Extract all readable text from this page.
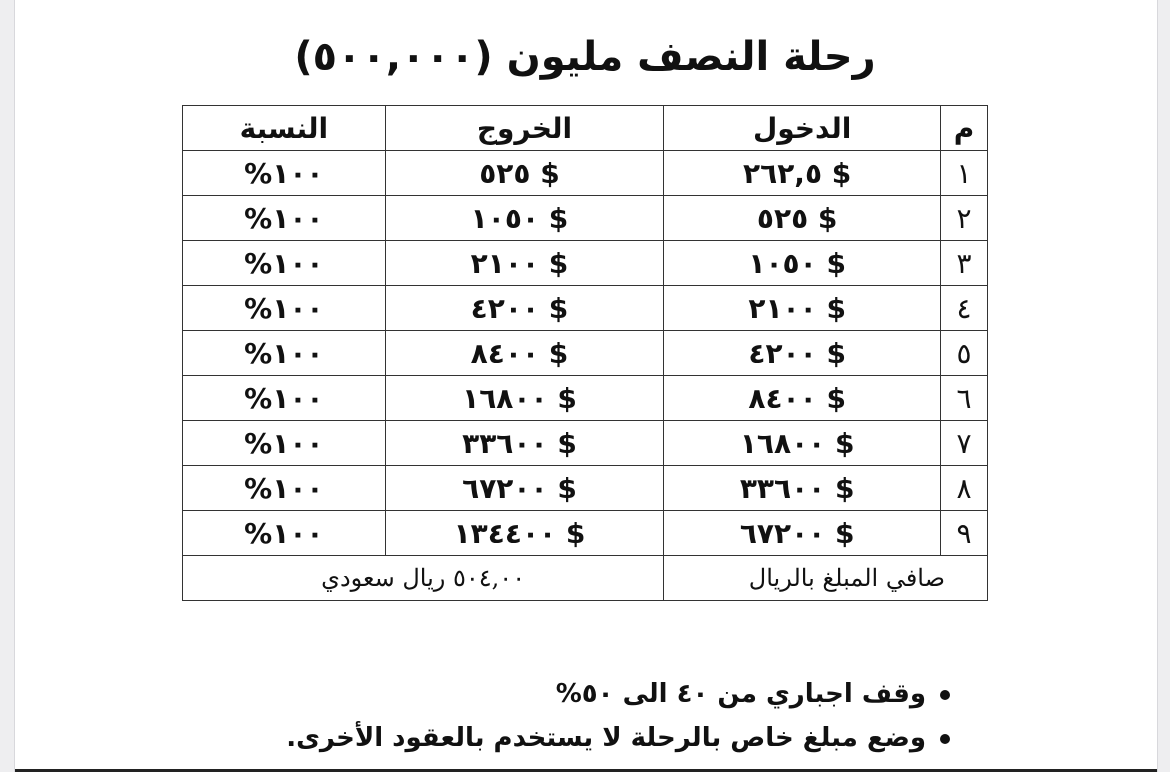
رحلة النصف مليون (٥٠٠,٠٠٠)
م	الدخول	الخروج	النسبة
١	٢٦٢,٥ $	٥٢٥ $	%١٠٠
٢	٥٢٥ $	١٠٥٠ $	%١٠٠
٣	١٠٥٠ $	٢١٠٠ $	%١٠٠
٤	٢١٠٠ $	٤٢٠٠ $	%١٠٠
٥	٤٢٠٠ $	٨٤٠٠ $	%١٠٠
٦	٨٤٠٠ $	١٦٨٠٠ $	%١٠٠
٧	١٦٨٠٠ $	٣٣٦٠٠ $	%١٠٠
٨	٣٣٦٠٠ $	٦٧٢٠٠ $	%١٠٠
٩	٦٧٢٠٠ $	١٣٤٤٠٠ $	%١٠٠
صافي المبلغ بالريال		٥٠٤,٠٠ ريال سعودي	
وقف اجباري من ٤٠ الى ٥٠%
وضع مبلغ خاص بالرحلة لا يستخدم بالعقود الأخرى.
